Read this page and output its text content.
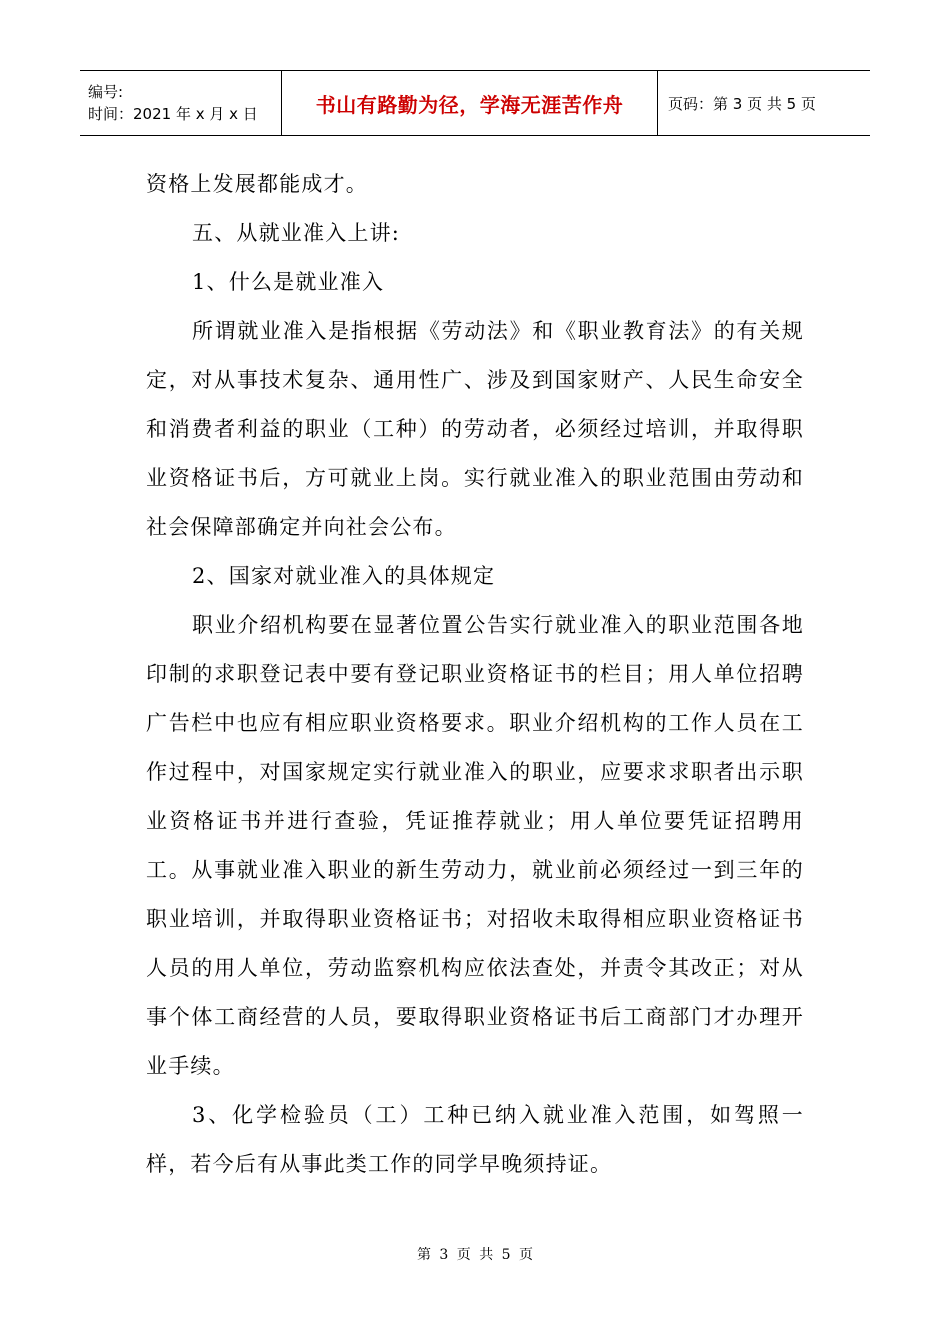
编号:
时间：2021 年 x 月 x 日	书山有路勤为径，学海无涯苦作舟	页码：第 3 页 共 5 页

资格上发展都能成才。

五、从就业准入上讲:

1、什么是就业准入

所谓就业准入是指根据《劳动法》和《职业教育法》的有关规定，对从事技术复杂、通用性广、涉及到国家财产、人民生命安全和消费者利益的职业（工种）的劳动者，必须经过培训，并取得职业资格证书后，方可就业上岗。实行就业准入的职业范围由劳动和社会保障部确定并向社会公布。

2、国家对就业准入的具体规定

职业介绍机构要在显著位置公告实行就业准入的职业范围各地印制的求职登记表中要有登记职业资格证书的栏目；用人单位招聘广告栏中也应有相应职业资格要求。职业介绍机构的工作人员在工作过程中，对国家规定实行就业准入的职业，应要求求职者出示职业资格证书并进行查验，凭证推荐就业；用人单位要凭证招聘用工。从事就业准入职业的新生劳动力，就业前必须经过一到三年的职业培训，并取得职业资格证书；对招收未取得相应职业资格证书人员的用人单位，劳动监察机构应依法查处，并责令其改正；对从事个体工商经营的人员，要取得职业资格证书后工商部门才办理开业手续。

3、化学检验员（工）工种已纳入就业准入范围，如驾照一样，若今后有从事此类工作的同学早晚须持证。

第 3 页 共 5 页
